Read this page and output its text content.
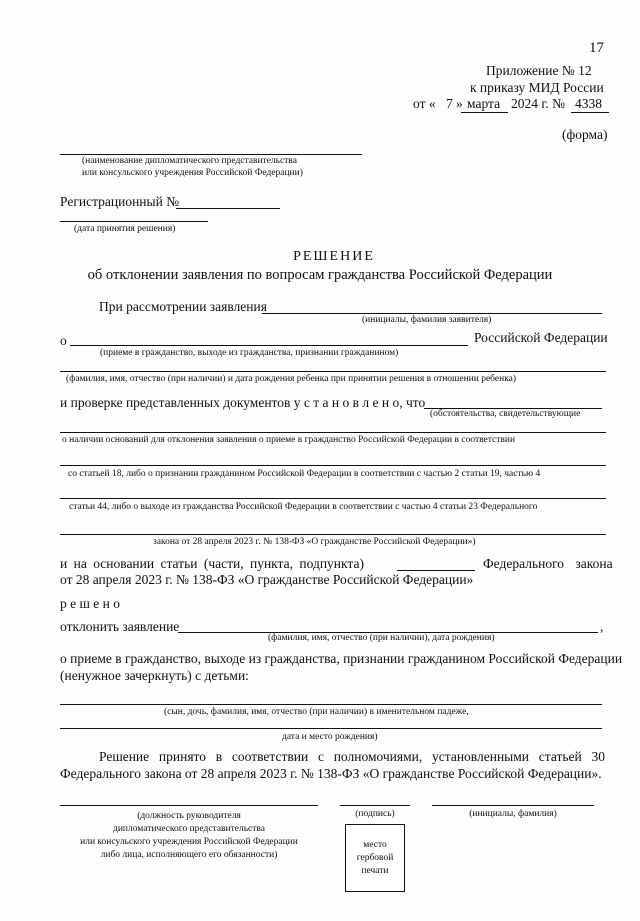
17
Приложение № 12
к приказу МИД России
от « 7 » марта 2024 г. № 4338
(форма)
(наименование дипломатического представительства
или консульского учреждения Российской Федерации)
Регистрационный №
(дата принятия решения)
РЕШЕНИЕ
об отклонении заявления по вопросам гражданства Российской Федерации
При рассмотрении заявления
(инициалы, фамилия заявителя)
о	Российской Федерации
(приеме в гражданство, выходе из гражданства, признании гражданином)
(фамилия, имя, отчество (при наличии) и дата рождения ребенка при принятии решения в отношении ребенка)
и проверке представленных документов у с т а н о в л е н о, что
(обстоятельства, свидетельствующие
о наличии оснований для отклонения заявления о приеме в гражданство Российской Федерации в соответствии
со статьей 18, либо о признании гражданином Российской Федерации в соответствии с частью 2 статьи 19, частью 4
статьи 44, либо о выходе из гражданства Российской Федерации в соответствии с частью 4 статьи 23 Федерального
закона от 28 апреля 2023 г. № 138-ФЗ «О гражданстве Российской Федерации»)
и на основании статьи (части, пункта, подпункта)	Федерального закона
от 28 апреля 2023 г. № 138-ФЗ «О гражданстве Российской Федерации»
р е ш е н о
отклонить заявление	,
(фамилия, имя, отчество (при наличии), дата рождения)
о приеме в гражданство, выходе из гражданства, признании гражданином Российской Федерации
(ненужное зачеркнуть) с детьми:
(сын, дочь, фамилия, имя, отчество (при наличии) в именительном падеже,
дата и место рождения)
Решение принято в соответствии с полномочиями, установленными статьей 30
Федерального закона от 28 апреля 2023 г. № 138-ФЗ «О гражданстве Российской Федерации».
(должность руководителя
дипломатического представительства
или консульского учреждения Российской Федерации
либо лица, исполняющего его обязанности)
(подпись)	(инициалы, фамилия)
место
гербовой
печати
